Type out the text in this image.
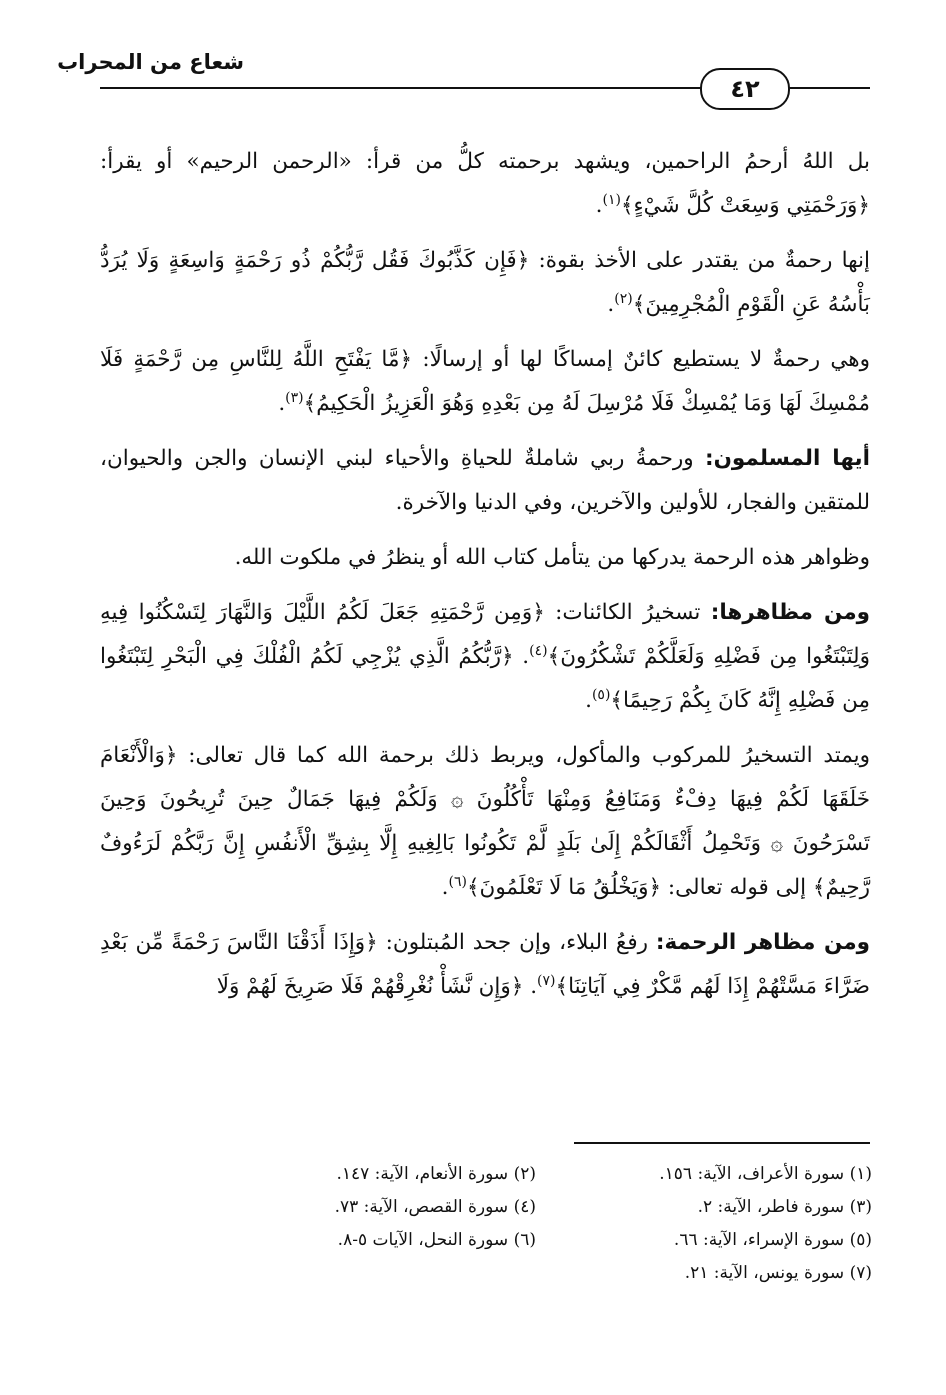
شعاع من المحراب
٤٢

بل اللهُ أرحمُ الراحمين، ويشهد برحمته كلُّ من قرأ: «الرحمن الرحيم» أو يقرأ: ﴿وَرَحْمَتِي وَسِعَتْ كُلَّ شَيْءٍ﴾$^{(١)}$.

إنها رحمةٌ من يقتدر على الأخذ بقوة: ﴿فَإِن كَذَّبُوكَ فَقُل رَّبُّكُمْ ذُو رَحْمَةٍ وَاسِعَةٍ وَلَا يُرَدُّ بَأْسُهُ عَنِ الْقَوْمِ الْمُجْرِمِينَ﴾$^{(٢)}$.

وهي رحمةٌ لا يستطيع كائنٌ إمساكًا لها أو إرسالًا: ﴿مَّا يَفْتَحِ اللَّهُ لِلنَّاسِ مِن رَّحْمَةٍ فَلَا مُمْسِكَ لَهَا وَمَا يُمْسِكْ فَلَا مُرْسِلَ لَهُ مِن بَعْدِهِ وَهُوَ الْعَزِيزُ الْحَكِيمُ﴾$^{(٣)}$.

أيها المسلمون: ورحمةُ ربي شاملةٌ للحياةِ والأحياء لبني الإنسان والجن والحيوان، للمتقين والفجار، للأولين والآخرين، وفي الدنيا والآخرة.

وظواهر هذه الرحمة يدركها من يتأمل كتاب الله أو ينظرُ في ملكوت الله.

ومن مظاهرها: تسخيرُ الكائنات: ﴿وَمِن رَّحْمَتِهِ جَعَلَ لَكُمُ اللَّيْلَ وَالنَّهَارَ لِتَسْكُنُوا فِيهِ وَلِتَبْتَغُوا مِن فَضْلِهِ وَلَعَلَّكُمْ تَشْكُرُونَ﴾$^{(٤)}$. ﴿رَّبُّكُمُ الَّذِي يُزْجِي لَكُمُ الْفُلْكَ فِي الْبَحْرِ لِتَبْتَغُوا مِن فَضْلِهِ إِنَّهُ كَانَ بِكُمْ رَحِيمًا﴾$^{(٥)}$.

ويمتد التسخيرُ للمركوب والمأكول، ويربط ذلك برحمة الله كما قال تعالى: ﴿وَالْأَنْعَامَ خَلَقَهَا لَكُمْ فِيهَا دِفْءٌ وَمَنَافِعُ وَمِنْهَا تَأْكُلُونَ ۞ وَلَكُمْ فِيهَا جَمَالٌ حِينَ تُرِيحُونَ وَحِينَ تَسْرَحُونَ ۞ وَتَحْمِلُ أَثْقَالَكُمْ إِلَىٰ بَلَدٍ لَّمْ تَكُونُوا بَالِغِيهِ إِلَّا بِشِقِّ الْأَنفُسِ إِنَّ رَبَّكُمْ لَرَءُوفٌ رَّحِيمٌ﴾ إلى قوله تعالى: ﴿وَيَخْلُقُ مَا لَا تَعْلَمُونَ﴾$^{(٦)}$.

ومن مظاهر الرحمة: رفعُ البلاء، وإن جحد المُبتلون: ﴿وَإِذَا أَذَقْنَا النَّاسَ رَحْمَةً مِّن بَعْدِ ضَرَّاءَ مَسَّتْهُمْ إِذَا لَهُم مَّكْرٌ فِي آيَاتِنَا﴾$^{(٧)}$. ﴿وَإِن نَّشَأْ نُغْرِقْهُمْ فَلَا صَرِيخَ لَهُمْ وَلَا

(١) سورة الأعراف، الآية: ١٥٦.
(٢) سورة الأنعام، الآية: ١٤٧.
(٣) سورة فاطر، الآية: ٢.
(٤) سورة القصص، الآية: ٧٣.
(٥) سورة الإسراء، الآية: ٦٦.
(٦) سورة النحل، الآيات ٥-٨.
(٧) سورة يونس، الآية: ٢١.
